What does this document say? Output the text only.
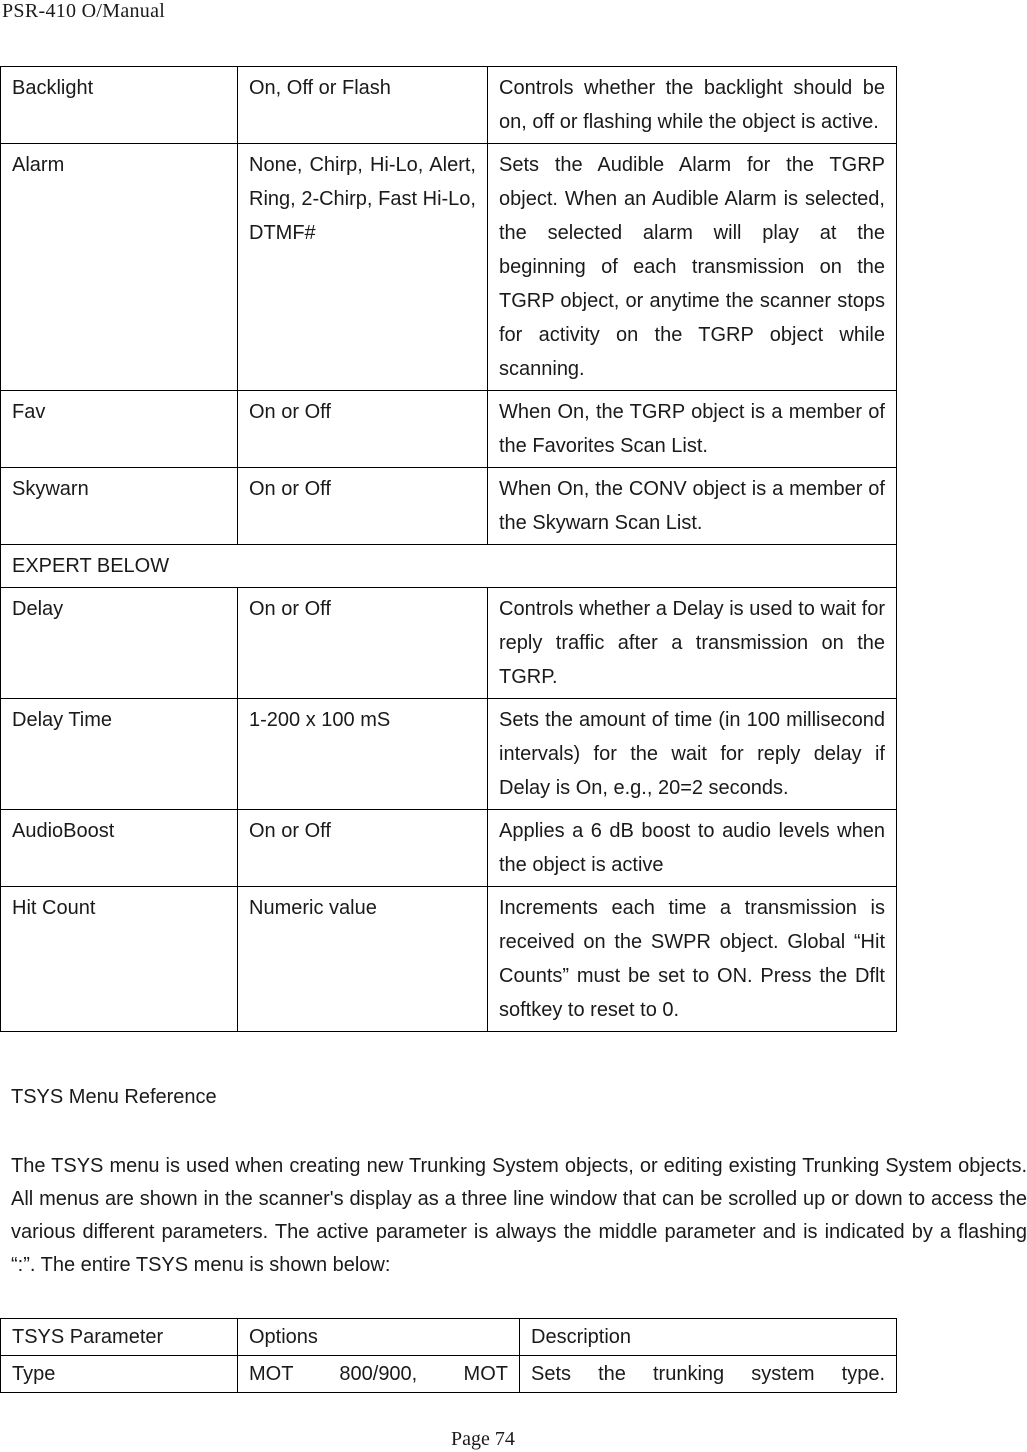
PSR-410 O/Manual
Backlight	On, Off or Flash	Controls whether the backlight should be on, off or flashing while the object is active.
Alarm	None, Chirp, Hi-Lo, Alert, Ring, 2-Chirp, Fast Hi-Lo, DTMF#	Sets the Audible Alarm for the TGRP object. When an Audible Alarm is selected, the selected alarm will play at the beginning of each transmission on the TGRP object, or anytime the scanner stops for activity on the TGRP object while scanning.
Fav	On or Off	When On, the TGRP object is a member of the Favorites Scan List.
Skywarn	On or Off	When On, the CONV object is a member of the Skywarn Scan List.
EXPERT BELOW		
Delay	On or Off	Controls whether a Delay is used to wait for reply traffic after a transmission on the TGRP.
Delay Time	1-200 x 100 mS	Sets the amount of time (in 100 millisecond intervals) for the wait for reply delay if Delay is On, e.g., 20=2 seconds.
AudioBoost	On or Off	Applies a 6 dB boost to audio levels when the object is active
Hit Count	Numeric value	Increments each time a transmission is received on the SWPR object. Global “Hit Counts” must be set to ON. Press the Dflt softkey to reset to 0.
TSYS Menu Reference
The TSYS menu is used when creating new Trunking System objects, or editing existing Trunking System objects. All menus are shown in the scanner's display as a three line window that can be scrolled up or down to access the various different parameters. The active parameter is always the middle parameter and is indicated by a flashing “:”. The entire TSYS menu is shown below:
TSYS Parameter	Options	Description
Type	MOT 800/900, MOT	Sets the trunking system type.
Page 74
